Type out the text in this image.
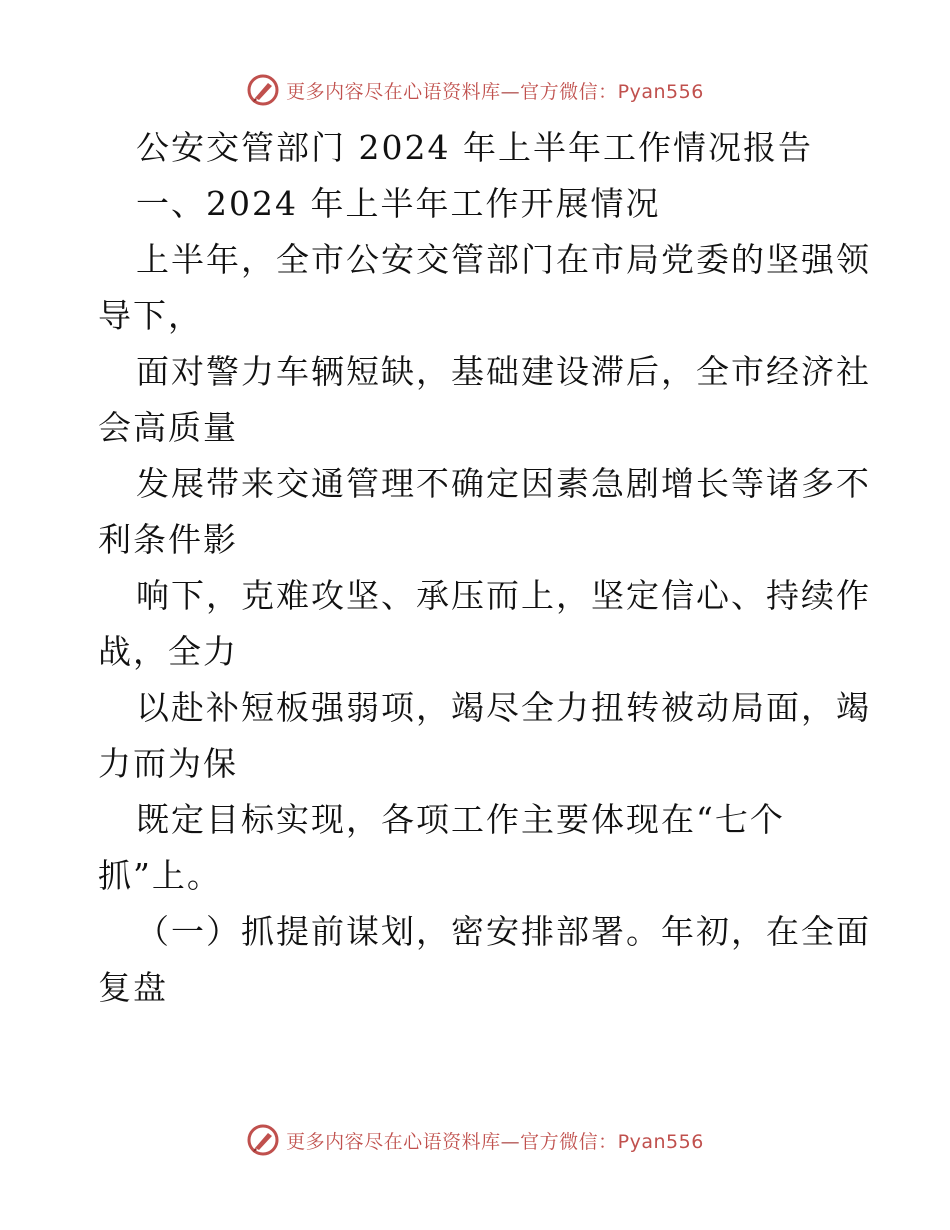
更多内容尽在心语资料库—官方微信：Pyan556
公安交管部门 2024 年上半年工作情况报告
一、2024 年上半年工作开展情况
上半年，全市公安交管部门在市局党委的坚强领
导下，
面对警力车辆短缺，基础建设滞后，全市经济社
会高质量
发展带来交通管理不确定因素急剧增长等诸多不
利条件影
响下，克难攻坚、承压而上，坚定信心、持续作
战，全力
以赴补短板强弱项，竭尽全力扭转被动局面，竭
力而为保
既定目标实现，各项工作主要体现在“七个
抓”上。
（一）抓提前谋划，密安排部署。年初，在全面
复盘
更多内容尽在心语资料库—官方微信：Pyan556
